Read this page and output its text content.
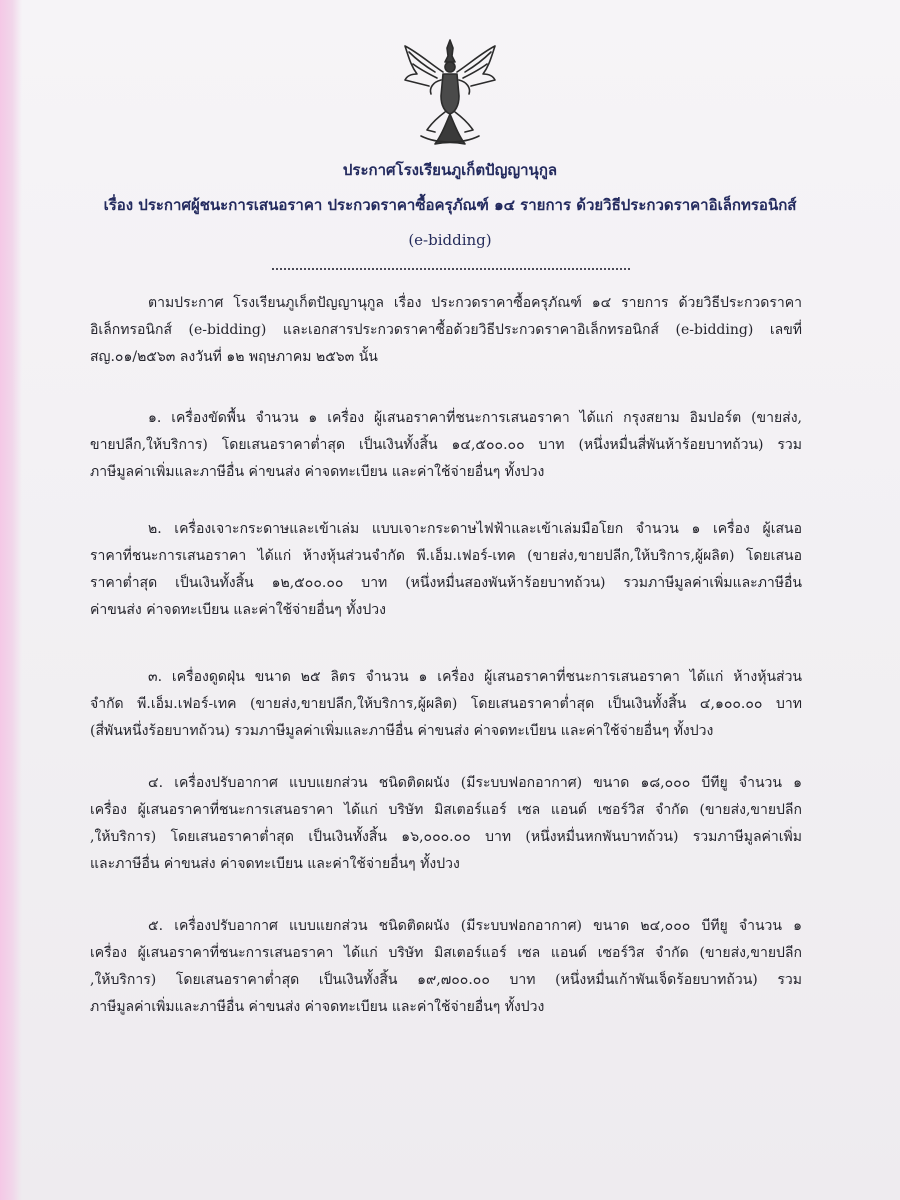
ประกาศโรงเรียนภูเก็ตปัญญานุกูล
เรื่อง ประกาศผู้ชนะการเสนอราคา ประกวดราคาซื้อครุภัณฑ์ ๑๔ รายการ ด้วยวิธีประกวดราคาอิเล็กทรอนิกส์
(e-bidding)
ตามประกาศ โรงเรียนภูเก็ตปัญญานุกูล เรื่อง ประกวดราคาซื้อครุภัณฑ์ ๑๔ รายการ ด้วยวิธีประกวดราคา
อิเล็กทรอนิกส์ (e-bidding) และเอกสารประกวดราคาซื้อด้วยวิธีประกวดราคาอิเล็กทรอนิกส์ (e-bidding) เลขที่
สญ.๐๑/๒๕๖๓ ลงวันที่ ๑๒ พฤษภาคม ๒๕๖๓ นั้น
๑. เครื่องขัดพื้น จำนวน ๑ เครื่อง ผู้เสนอราคาที่ชนะการเสนอราคา ได้แก่ กรุงสยาม อิมปอร์ต (ขายส่ง,
ขายปลีก,ให้บริการ) โดยเสนอราคาต่ำสุด เป็นเงินทั้งสิ้น ๑๔,๕๐๐.๐๐ บาท (หนึ่งหมื่นสี่พันห้าร้อยบาทถ้วน) รวม
ภาษีมูลค่าเพิ่มและภาษีอื่น ค่าขนส่ง ค่าจดทะเบียน และค่าใช้จ่ายอื่นๆ ทั้งปวง
๒. เครื่องเจาะกระดาษและเข้าเล่ม แบบเจาะกระดาษไฟฟ้าและเข้าเล่มมือโยก จำนวน ๑ เครื่อง ผู้เสนอ
ราคาที่ชนะการเสนอราคา ได้แก่ ห้างหุ้นส่วนจำกัด พี.เอ็ม.เฟอร์-เทค (ขายส่ง,ขายปลีก,ให้บริการ,ผู้ผลิต) โดยเสนอ
ราคาต่ำสุด เป็นเงินทั้งสิ้น ๑๒,๕๐๐.๐๐ บาท (หนึ่งหมื่นสองพันห้าร้อยบาทถ้วน) รวมภาษีมูลค่าเพิ่มและภาษีอื่น
ค่าขนส่ง ค่าจดทะเบียน และค่าใช้จ่ายอื่นๆ ทั้งปวง
๓. เครื่องดูดฝุ่น ขนาด ๒๕ ลิตร จำนวน ๑ เครื่อง ผู้เสนอราคาที่ชนะการเสนอราคา ได้แก่ ห้างหุ้นส่วน
จำกัด พี.เอ็ม.เฟอร์-เทค (ขายส่ง,ขายปลีก,ให้บริการ,ผู้ผลิต) โดยเสนอราคาต่ำสุด เป็นเงินทั้งสิ้น ๔,๑๐๐.๐๐ บาท
(สี่พันหนึ่งร้อยบาทถ้วน) รวมภาษีมูลค่าเพิ่มและภาษีอื่น ค่าขนส่ง ค่าจดทะเบียน และค่าใช้จ่ายอื่นๆ ทั้งปวง
๔. เครื่องปรับอากาศ แบบแยกส่วน ชนิดติดผนัง (มีระบบฟอกอากาศ) ขนาด ๑๘,๐๐๐ บีทียู จำนวน ๑
เครื่อง ผู้เสนอราคาที่ชนะการเสนอราคา ได้แก่ บริษัท มิสเตอร์แอร์ เซล แอนด์ เซอร์วิส จำกัด (ขายส่ง,ขายปลีก
,ให้บริการ) โดยเสนอราคาต่ำสุด เป็นเงินทั้งสิ้น ๑๖,๐๐๐.๐๐ บาท (หนึ่งหมื่นหกพันบาทถ้วน) รวมภาษีมูลค่าเพิ่ม
และภาษีอื่น ค่าขนส่ง ค่าจดทะเบียน และค่าใช้จ่ายอื่นๆ ทั้งปวง
๕. เครื่องปรับอากาศ แบบแยกส่วน ชนิดติดผนัง (มีระบบฟอกอากาศ) ขนาด ๒๔,๐๐๐ บีทียู จำนวน ๑
เครื่อง ผู้เสนอราคาที่ชนะการเสนอราคา ได้แก่ บริษัท มิสเตอร์แอร์ เซล แอนด์ เซอร์วิส จำกัด (ขายส่ง,ขายปลีก
,ให้บริการ) โดยเสนอราคาต่ำสุด เป็นเงินทั้งสิ้น ๑๙,๗๐๐.๐๐ บาท (หนึ่งหมื่นเก้าพันเจ็ดร้อยบาทถ้วน) รวม
ภาษีมูลค่าเพิ่มและภาษีอื่น ค่าขนส่ง ค่าจดทะเบียน และค่าใช้จ่ายอื่นๆ ทั้งปวง
